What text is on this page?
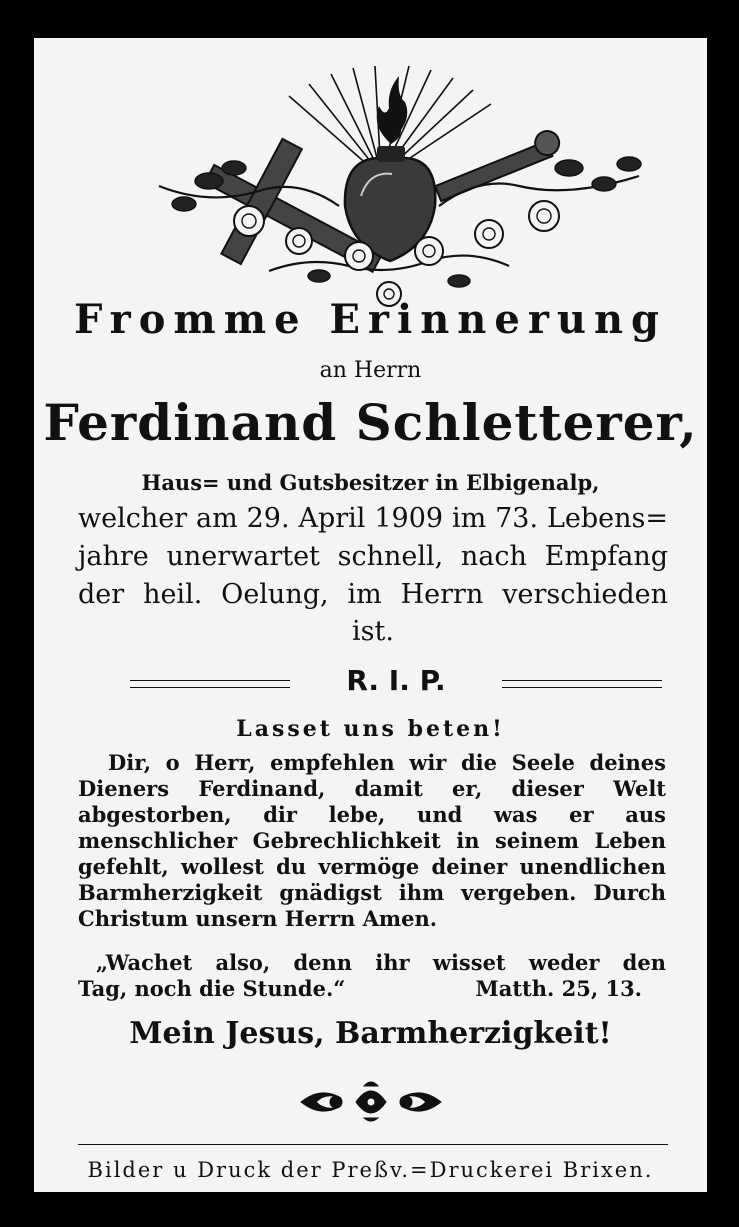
Fromme Erinnerung
an Herrn
Ferdinand Schletterer,
Haus= und Gutsbesitzer in Elbigenalp,
welcher am 29. April 1909 im 73. Lebens=
jahre unerwartet schnell, nach Empfang
der heil. Oelung, im Herrn verschieden
ist.
R. I. P.
Lasset uns beten!

Dir, o Herr, empfehlen wir die Seele deines Dieners Ferdinand, damit er, dieser Welt abgestorben, dir lebe, und was er aus menschlicher Gebrechlichkeit in seinem Leben gefehlt, wollest du vermöge deiner unendlichen Barmherzigkeit gnädigst ihm vergeben. Durch Christum unsern Herrn Amen.

„Wachet also, denn ihr wisset weder den
Tag, noch die Stunde.“	Matth. 25, 13.
Mein Jesus, Barmherzigkeit!
Bilder u Druck der Preßv.=Druckerei Brixen.
